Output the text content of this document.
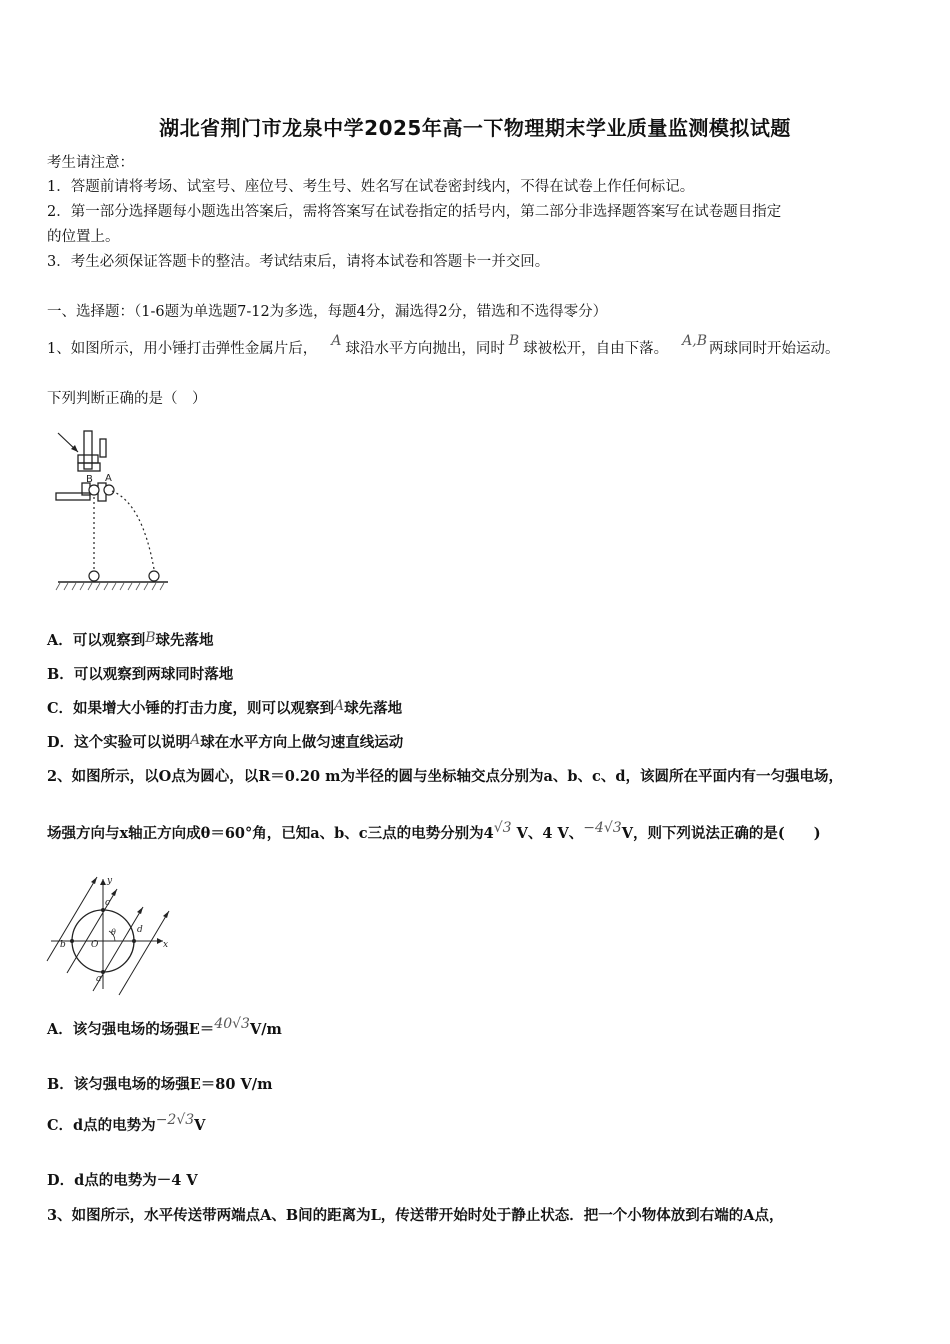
湖北省荆门市龙泉中学2025年高一下物理期末学业质量监测模拟试题
考生请注意：
1．答题前请将考场、试室号、座位号、考生号、姓名写在试卷密封线内，不得在试卷上作任何标记。
2．第一部分选择题每小题选出答案后，需将答案写在试卷指定的括号内，第二部分非选择题答案写在试卷题目指定
的位置上。
3．考生必须保证答题卡的整洁。考试结束后，请将本试卷和答题卡一并交回。
一、选择题：（1-6题为单选题7-12为多选，每题4分，漏选得2分，错选和不选得零分）
1、如图所示，用小锤打击弹性金属片后， A 球沿水平方向抛出，同时 B 球被松开，自由下落。 A,B 两球同时开始运动。
下列判断正确的是（　）
B A
A．可以观察到B球先落地
B．可以观察到两球同时落地
C．如果增大小锤的打击力度，则可以观察到A球先落地
D．这个实验可以说明A球在水平方向上做匀速直线运动
2、如图所示，以O点为圆心，以R＝0.20 m为半径的圆与坐标轴交点分别为a、b、c、d，该圆所在平面内有一匀强电场，
场强方向与x轴正方向成θ＝60°角，已知a、b、c三点的电势分别为4√3 V、4 V、−4√3V，则下列说法正确的是(　　)
x
y
O
b
d
c
a
θ
A．该匀强电场的场强E＝40√3V/m
B．该匀强电场的场强E＝80 V/m
C．d点的电势为−2√3V
D．d点的电势为－4 V
3、如图所示，水平传送带两端点A、B间的距离为L，传送带开始时处于静止状态．把一个小物体放到右端的A点，
